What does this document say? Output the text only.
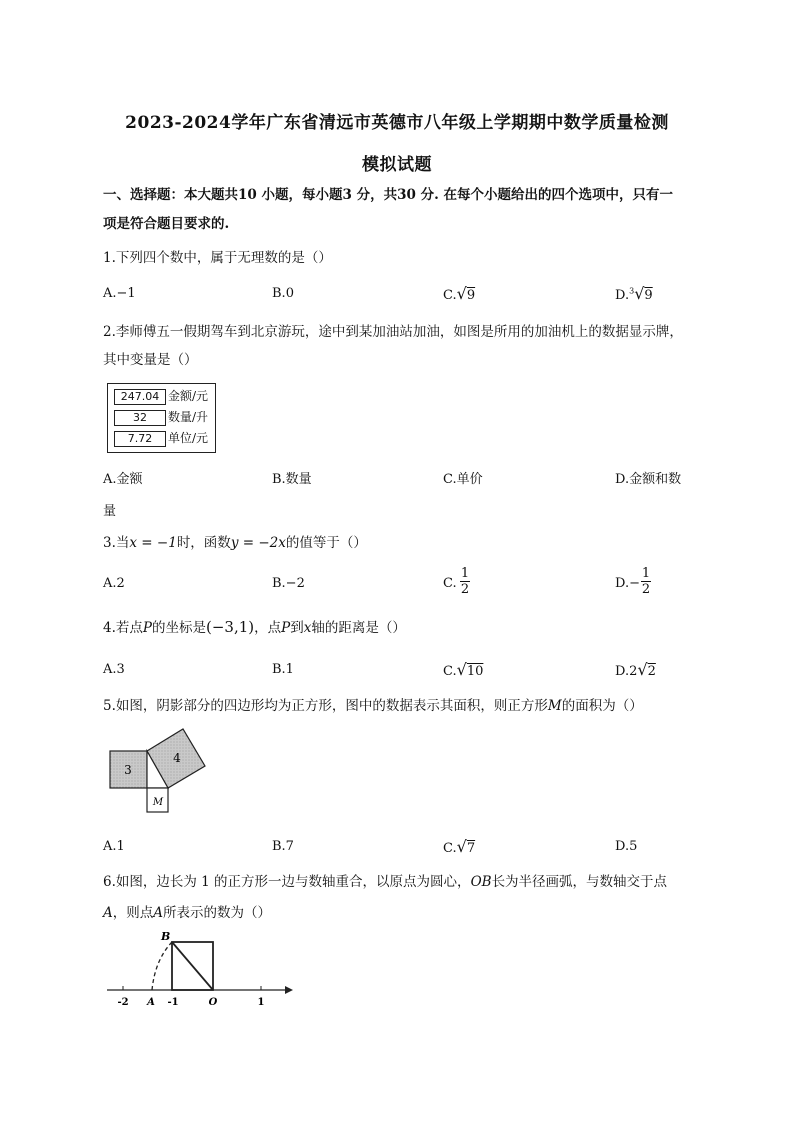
2023-2024学年广东省清远市英德市八年级上学期期中数学质量检测
模拟试题
一、选择题：本大题共10 小题，每小题3 分，共30 分. 在每个小题给出的四个选项中，只有一
项是符合题目要求的.
1.下列四个数中，属于无理数的是（）
A.−1	B.0	C.√9	D.$^3$√9
2.李师傅五一假期驾车到北京游玩，途中到某加油站加油，如图是所用的加油机上的数据显示牌，
其中变量是（）
247.04 金额/元
32	数量/升
7.72	单位/元
A.金额	B.数量	C.单价	D.金额和数
量
3.当x = −1时，函数y = −2x的值等于（）
A.2	B.−2	C.
1
2	D.−
1
2
4.若点P的坐标是(−3,1)，点P到x轴的距离是（）
A.3	B.1	C.√10	D.2√2
5.如图，阴影部分的四边形均为正方形，图中的数据表示其面积，则正方形M的面积为（）
3
4
M
A.1	B.7	C.√7	D.5
6.如图，边长为 1 的正方形一边与数轴重合，以原点为圆心，OB长为半径画弧，与数轴交于点
A，则点A所表示的数为（）
B
-2 A -1	O	1
